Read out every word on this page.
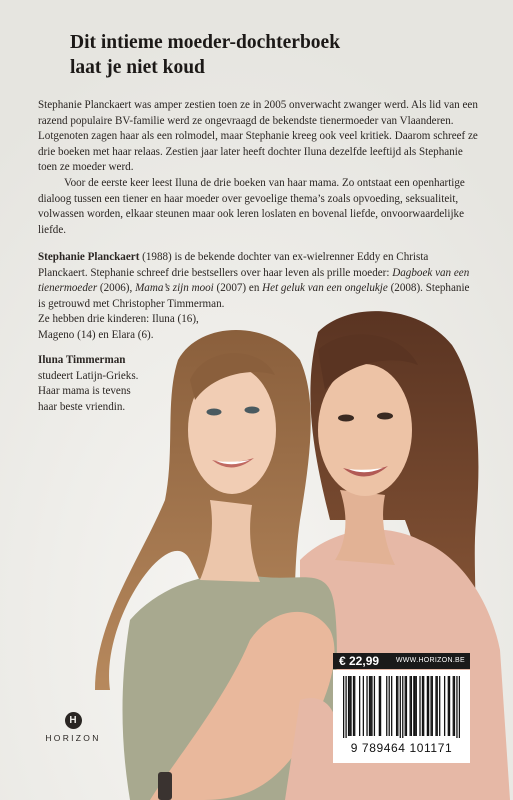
Dit intieme moeder-dochterboek
laat je niet koud

Stephanie Planckaert was amper zestien toen ze in 2005 onverwacht zwanger werd. Als lid van een razend populaire BV-familie werd ze ongevraagd de bekendste tienermoeder van Vlaanderen. Lotgenoten zagen haar als een rolmodel, maar Stephanie kreeg ook veel kritiek. Daarom schreef ze drie boeken met haar relaas. Zestien jaar later heeft dochter Iluna dezelfde leeftijd als Stephanie toen ze moeder werd.

Voor de eerste keer leest Iluna de drie boeken van haar mama. Zo ontstaat een openhartige dialoog tussen een tiener en haar moeder over gevoelige thema’s zoals opvoeding, seksualiteit, volwassen worden, elkaar steunen maar ook leren loslaten en bovenal liefde, onvoorwaardelijke liefde.

Stephanie Planckaert (1988) is de bekende dochter van ex-wielrenner Eddy en Christa Planckaert. Stephanie schreef drie bestsellers over haar leven als prille moeder: Dagboek van een tienermoeder (2006), Mama’s zijn mooi (2007) en Het geluk van een ongelukje (2008). Stephanie is getrouwd met Christopher Timmerman.
Ze hebben drie kinderen: Iluna (16),
Mageno (14) en Elara (6).
Iluna Timmerman
studeert Latijn-Grieks.
Haar mama is tevens
haar beste vriendin.
H
HORIZON
€ 22,99 WWW.HORIZON.BE
9 789464 101171
